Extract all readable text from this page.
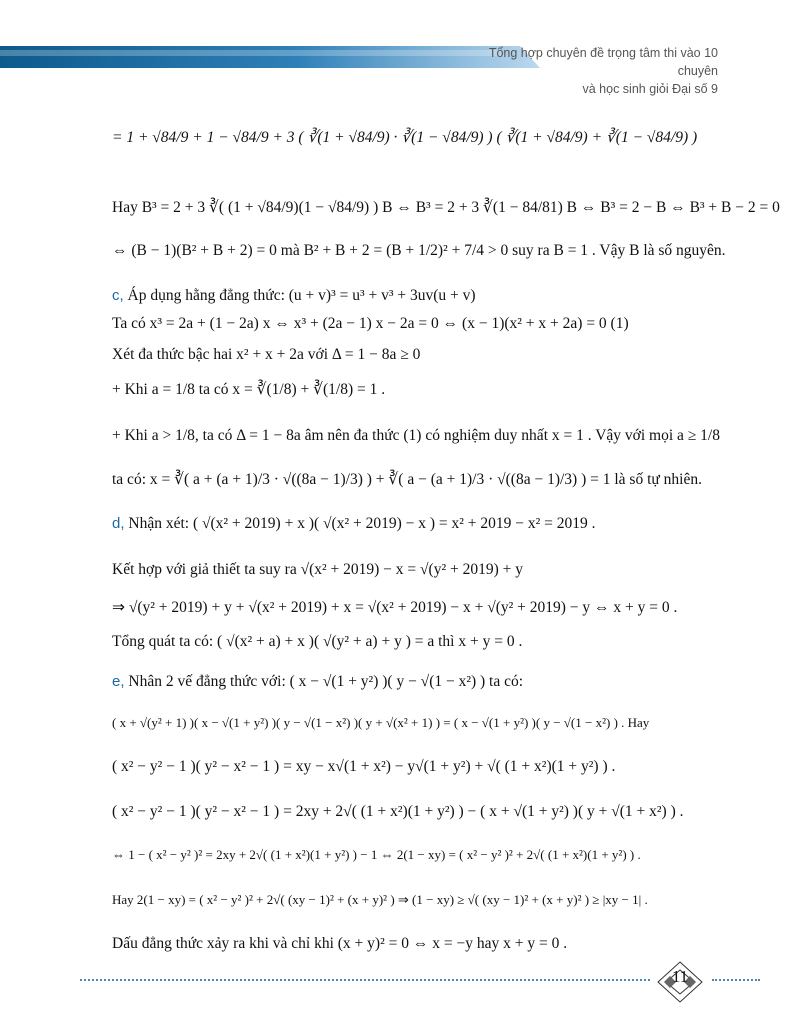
Tổng hợp chuyên đề trọng tâm thi vào 10 chuyên
và học sinh giỏi Đại số 9
= 1 + √84/9 + 1 − √84/9 + 3 ( ∛(1 + √84/9) · ∛(1 − √84/9) ) ( ∛(1 + √84/9) + ∛(1 − √84/9) )
Hay B³ = 2 + 3 ∛( (1 + √84/9)(1 − √84/9) ) B ⇔ B³ = 2 + 3 ∛(1 − 84/81) B ⇔ B³ = 2 − B ⇔ B³ + B − 2 = 0
⇔ (B − 1)(B² + B + 2) = 0 mà B² + B + 2 = (B + 1/2)² + 7/4 > 0 suy ra B = 1 . Vậy B là số nguyên.
c, Áp dụng hằng đẳng thức: (u + v)³ = u³ + v³ + 3uv(u + v)
Ta có x³ = 2a + (1 − 2a) x ⇔ x³ + (2a − 1) x − 2a = 0 ⇔ (x − 1)(x² + x + 2a) = 0 (1)
Xét đa thức bậc hai x² + x + 2a với Δ = 1 − 8a ≥ 0
+ Khi a = 1/8 ta có x = ∛(1/8) + ∛(1/8) = 1 .
+ Khi a > 1/8, ta có Δ = 1 − 8a âm nên đa thức (1) có nghiệm duy nhất x = 1 . Vậy với mọi a ≥ 1/8
ta có: x = ∛( a + (a + 1)/3 · √((8a − 1)/3) ) + ∛( a − (a + 1)/3 · √((8a − 1)/3) ) = 1 là số tự nhiên.
d, Nhận xét: ( √(x² + 2019) + x )( √(x² + 2019) − x ) = x² + 2019 − x² = 2019 .
Kết hợp với giả thiết ta suy ra √(x² + 2019) − x = √(y² + 2019) + y
⇒ √(y² + 2019) + y + √(x² + 2019) + x = √(x² + 2019) − x + √(y² + 2019) − y ⇔ x + y = 0 .
Tổng quát ta có: ( √(x² + a) + x )( √(y² + a) + y ) = a thì x + y = 0 .
e, Nhân 2 vế đẳng thức với: ( x − √(1 + y²) )( y − √(1 − x²) ) ta có:
( x + √(y² + 1) )( x − √(1 + y²) )( y − √(1 − x²) )( y + √(x² + 1) ) = ( x − √(1 + y²) )( y − √(1 − x²) ) . Hay
( x² − y² − 1 )( y² − x² − 1 ) = xy − x√(1 + x²) − y√(1 + y²) + √( (1 + x²)(1 + y²) ) .
( x² − y² − 1 )( y² − x² − 1 ) = 2xy + 2√( (1 + x²)(1 + y²) ) − ( x + √(1 + y²) )( y + √(1 + x²) ) .
⇔ 1 − ( x² − y² )² = 2xy + 2√( (1 + x²)(1 + y²) ) − 1 ⇔ 2(1 − xy) = ( x² − y² )² + 2√( (1 + x²)(1 + y²) ) .
Hay 2(1 − xy) = ( x² − y² )² + 2√( (xy − 1)² + (x + y)² ) ⇒ (1 − xy) ≥ √( (xy − 1)² + (x + y)² ) ≥ |xy − 1| .
Dấu đẳng thức xảy ra khi và chỉ khi (x + y)² = 0 ⇔ x = −y hay x + y = 0 .
11
